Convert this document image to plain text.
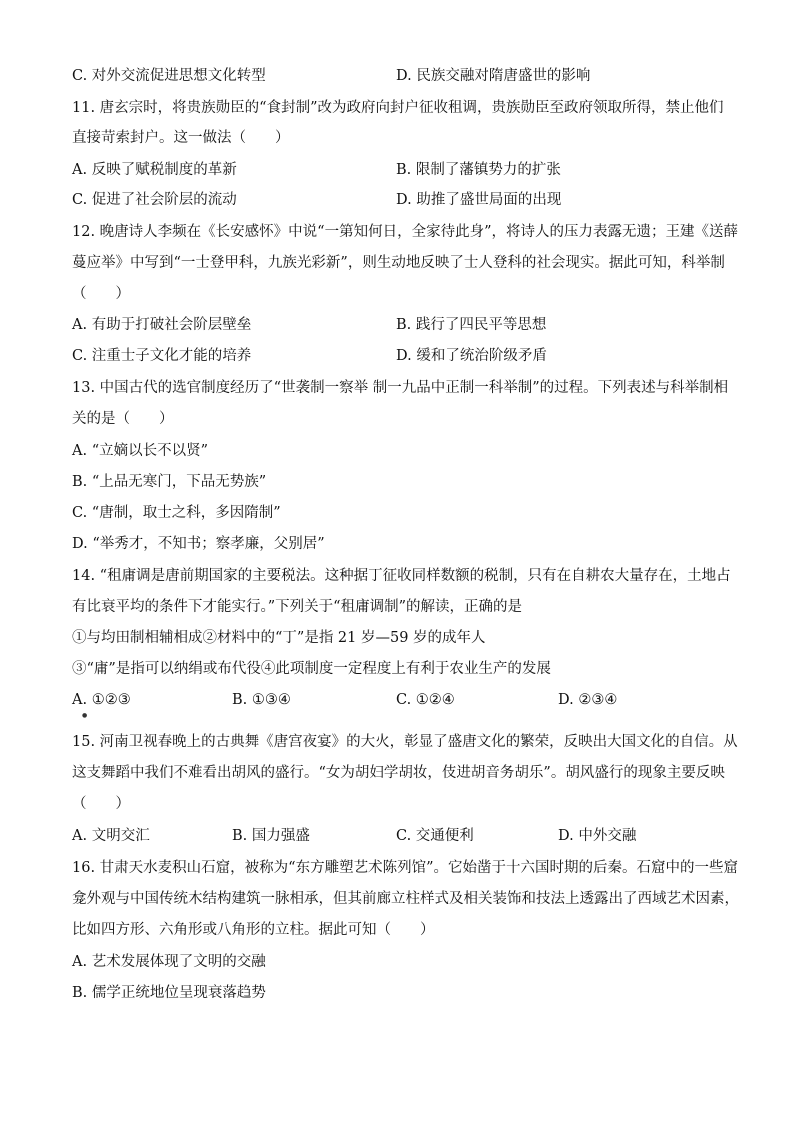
C. 对外交流促进思想文化转型	D. 民族交融对隋唐盛世的影响
11. 唐玄宗时，将贵族勋臣的“食封制”改为政府向封户征收租调，贵族勋臣至政府领取所得，禁止他们
直接苛索封户。这一做法（　　）
A. 反映了赋税制度的革新	B. 限制了藩镇势力的扩张
C. 促进了社会阶层的流动	D. 助推了盛世局面的出现
12. 晚唐诗人李频在《长安感怀》中说“一第知何日，全家待此身”，将诗人的压力表露无遗；王建《送薛
蔓应举》中写到“一士登甲科，九族光彩新”，则生动地反映了士人登科的社会现实。据此可知，科举制
（　　）
A. 有助于打破社会阶层壁垒	B. 践行了四民平等思想
C. 注重士子文化才能的培养	D. 缓和了统治阶级矛盾
13. 中国古代的选官制度经历了“世袭制一察举 制一九品中正制一科举制”的过程。下列表述与科举制相
关的是（　　）
A. “立嫡以长不以贤”
B. “上品无寒门，下品无势族”
C. “唐制，取士之科，多因隋制”
D. “举秀才，不知书；察孝廉，父别居”
14. “租庸调是唐前期国家的主要税法。这种据丁征收同样数额的税制，只有在自耕农大量存在，土地占
有比衰平均的条件下才能实行。”下列关于“租庸调制”的解读，正确的是
①与均田制相辅相成②材料中的“丁”是指 21 岁—59 岁的成年人
③“庸”是指可以纳绢或布代役④此项制度一定程度上有利于农业生产的发展
A. ①②③	B. ①③④	C. ①②④	D. ②③④
●
15. 河南卫视春晚上的古典舞《唐宫夜宴》的大火，彰显了盛唐文化的繁荣，反映出大国文化的自信。从
这支舞蹈中我们不难看出胡风的盛行。“女为胡妇学胡妆，伎进胡音务胡乐”。胡风盛行的现象主要反映
（　　）
A. 文明交汇	B. 国力强盛	C. 交通便利	D. 中外交融
16. 甘肃天水麦积山石窟，被称为“东方雕塑艺术陈列馆”。它始凿于十六国时期的后秦。石窟中的一些窟
龛外观与中国传统木结构建筑一脉相承，但其前廊立柱样式及相关装饰和技法上透露出了西域艺术因素，
比如四方形、六角形或八角形的立柱。据此可知（　　）
A. 艺术发展体现了文明的交融
B. 儒学正统地位呈现衰落趋势
